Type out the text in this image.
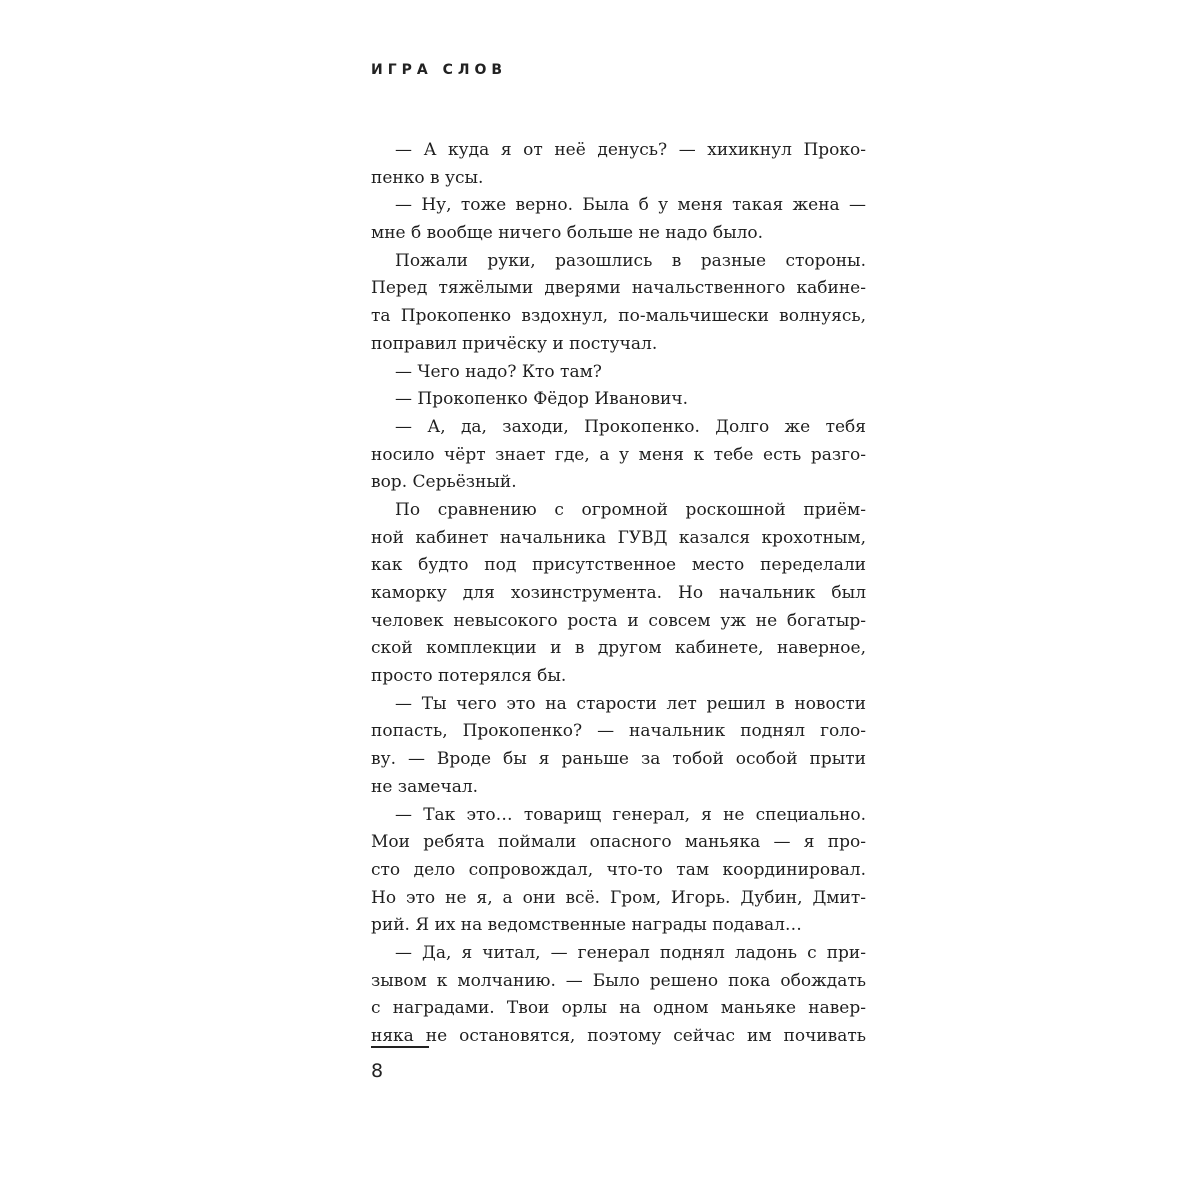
ИГРА СЛОВ
— А куда я от неё денусь? — хихикнул Проко-
пенко в усы.
— Ну, тоже верно. Была б у меня такая жена —
мне б вообще ничего больше не надо было.
Пожали руки, разошлись в разные стороны.
Перед тяжёлыми дверями начальственного кабине-
та Прокопенко вздохнул, по-мальчишески волнуясь,
поправил причёску и постучал.
— Чего надо? Кто там?
— Прокопенко Фёдор Иванович.
— А, да, заходи, Прокопенко. Долго же тебя
носило чёрт знает где, а у меня к тебе есть разго-
вор. Серьёзный.
По сравнению с огромной роскошной приём-
ной кабинет начальника ГУВД казался крохотным,
как будто под присутственное место переделали
каморку для хозинструмента. Но начальник был
человек невысокого роста и совсем уж не богатыр-
ской комплекции и в другом кабинете, наверное,
просто потерялся бы.
— Ты чего это на старости лет решил в новости
попасть, Прокопенко? — начальник поднял голо-
ву. — Вроде бы я раньше за тобой особой прыти
не замечал.
— Так это… товарищ генерал, я не специально.
Мои ребята поймали опасного маньяка — я про-
сто дело сопровождал, что-то там координировал.
Но это не я, а они всё. Гром, Игорь. Дубин, Дмит-
рий. Я их на ведомственные награды подавал…
— Да, я читал, — генерал поднял ладонь с при-
зывом к молчанию. — Было решено пока обождать
с наградами. Твои орлы на одном маньяке навер-
няка не остановятся, поэтому сейчас им почивать
8
